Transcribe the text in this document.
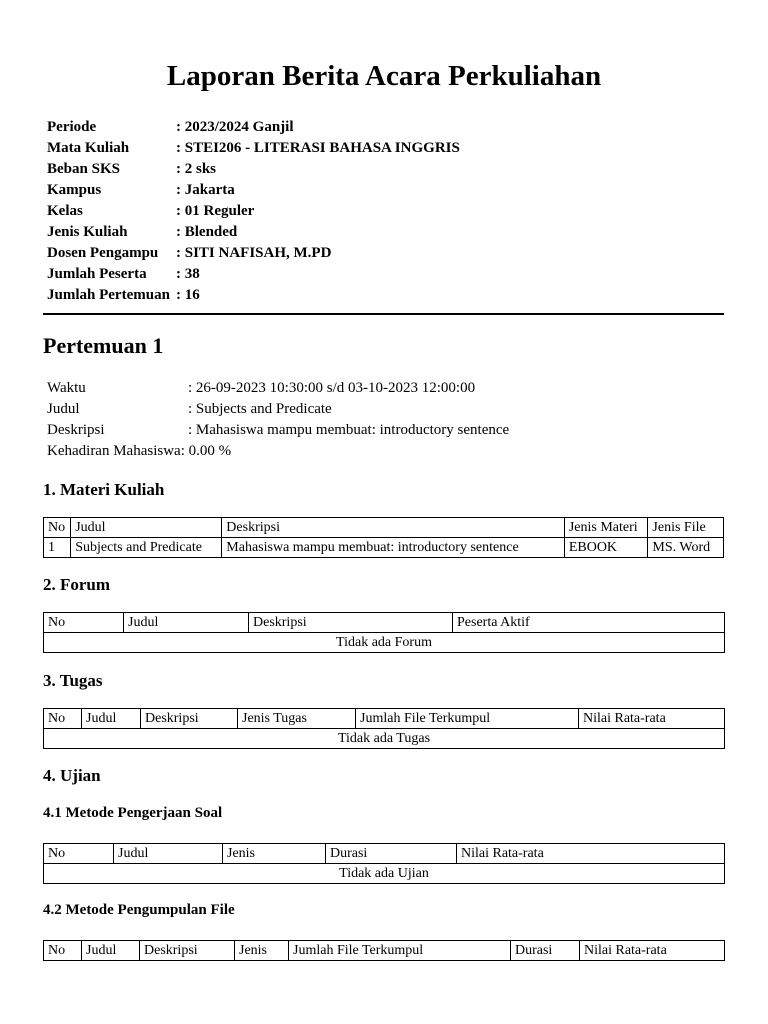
Laporan Berita Acara Perkuliahan
Periode	: 2023/2024 Ganjil
Mata Kuliah	: STEI206 - LITERASI BAHASA INGGRIS
Beban SKS	: 2 sks
Kampus	: Jakarta
Kelas	: 01 Reguler
Jenis Kuliah	: Blended
Dosen Pengampu : SITI NAFISAH, M.PD
Jumlah Peserta : 38
Jumlah Pertemuan : 16
Pertemuan 1
Waktu	: 26-09-2023 10:30:00 s/d 03-10-2023 12:00:00
Judul	: Subjects and Predicate
Deskripsi	: Mahasiswa mampu membuat: introductory sentence
Kehadiran Mahasiswa: 0.00 %
1. Materi Kuliah
No	Judul	Deskripsi	Jenis Materi	Jenis File
1	Subjects and Predicate	Mahasiswa mampu membuat: introductory sentence	EBOOK	MS. Word
2. Forum
No	Judul	Deskripsi	Peserta Aktif
Tidak ada Forum
3. Tugas
No	Judul	Deskripsi	Jenis Tugas	Jumlah File Terkumpul	Nilai Rata-rata
Tidak ada Tugas
4. Ujian
4.1 Metode Pengerjaan Soal
No	Judul	Jenis	Durasi	Nilai Rata-rata
Tidak ada Ujian
4.2 Metode Pengumpulan File
No	Judul	Deskripsi	Jenis	Jumlah File Terkumpul	Durasi	Nilai Rata-rata
